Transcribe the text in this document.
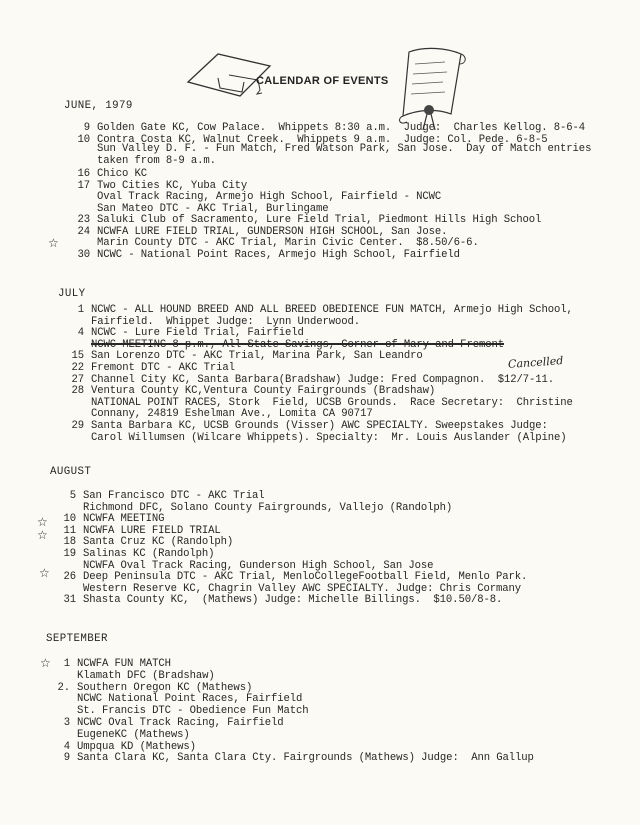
CALENDAR OF EVENTS
JUNE, 1979
9 Golden Gate KC, Cow Palace.  Whippets 8:30 a.m.  Judge:  Charles Kellog. 8-6-4
10 Contra Costa KC, Walnut Creek.  Whippets 9 a.m.  Judge: Col. Pede. 6-8-5
Sun Valley D. F. - Fun Match, Fred Watson Park, San Jose.  Day of Match entries
taken from 8-9 a.m.
16 Chico KC
17 Two Cities KC, Yuba City
Oval Track Racing, Armejo High School, Fairfield - NCWC
San Mateo DTC - AKC Trial, Burlingame
23 Saluki Club of Sacramento, Lure Field Trial, Piedmont Hills High School
24 NCWFA LURE FIELD TRIAL, GUNDERSON HIGH SCHOOL, San Jose.
Marin County DTC - AKC Trial, Marin Civic Center.  $8.50/6-6.
30 NCWC - National Point Races, Armejo High School, Fairfield
JULY
1 NCWC - ALL HOUND BREED AND ALL BREED OBEDIENCE FUN MATCH, Armejo High School,
Fairfield.  Whippet Judge:  Lynn Underwood.
4 NCWC - Lure Field Trial, Fairfield
NCWC MEETING 8 p.m., All State Savings, Corner of Mary and Fremont
15 San Lorenzo DTC - AKC Trial, Marina Park, San Leandro
22 Fremont DTC - AKC Trial
27 Channel City KC, Santa Barbara(Bradshaw) Judge: Fred Compagnon.  $12/7-11.
28 Ventura County KC,Ventura County Fairgrounds (Bradshaw)
NATIONAL POINT RACES, Stork  Field, UCSB Grounds.  Race Secretary:  Christine
Connany, 24819 Eshelman Ave., Lomita CA 90717
29 Santa Barbara KC, UCSB Grounds (Visser) AWC SPECIALTY. Sweepstakes Judge:
Carol Willumsen (Wilcare Whippets). Specialty:  Mr. Louis Auslander (Alpine)
Cancelled
AUGUST
5 San Francisco DTC - AKC Trial
Richmond DFC, Solano County Fairgrounds, Vallejo (Randolph)
10 NCWFA MEETING
11 NCWFA LURE FIELD TRIAL
18 Santa Cruz KC (Randolph)
19 Salinas KC (Randolph)
NCWFA Oval Track Racing, Gunderson High School, San Jose
26 Deep Peninsula DTC - AKC Trial, MenloCollegeFootball Field, Menlo Park.
Western Reserve KC, Chagrin Valley AWC SPECIALTY. Judge: Chris Cormany
31 Shasta County KC,  (Mathews) Judge: Michelle Billings.  $10.50/8-8.
SEPTEMBER
1 NCWFA FUN MATCH
Klamath DFC (Bradshaw)
2. Southern Oregon KC (Mathews)
NCWC National Point Races, Fairfield
St. Francis DTC - Obedience Fun Match
3 NCWC Oval Track Racing, Fairfield
EugeneKC (Mathews)
4 Umpqua KD (Mathews)
9 Santa Clara KC, Santa Clara Cty. Fairgrounds (Mathews) Judge:  Ann Gallup
☆
☆
☆
☆
☆
